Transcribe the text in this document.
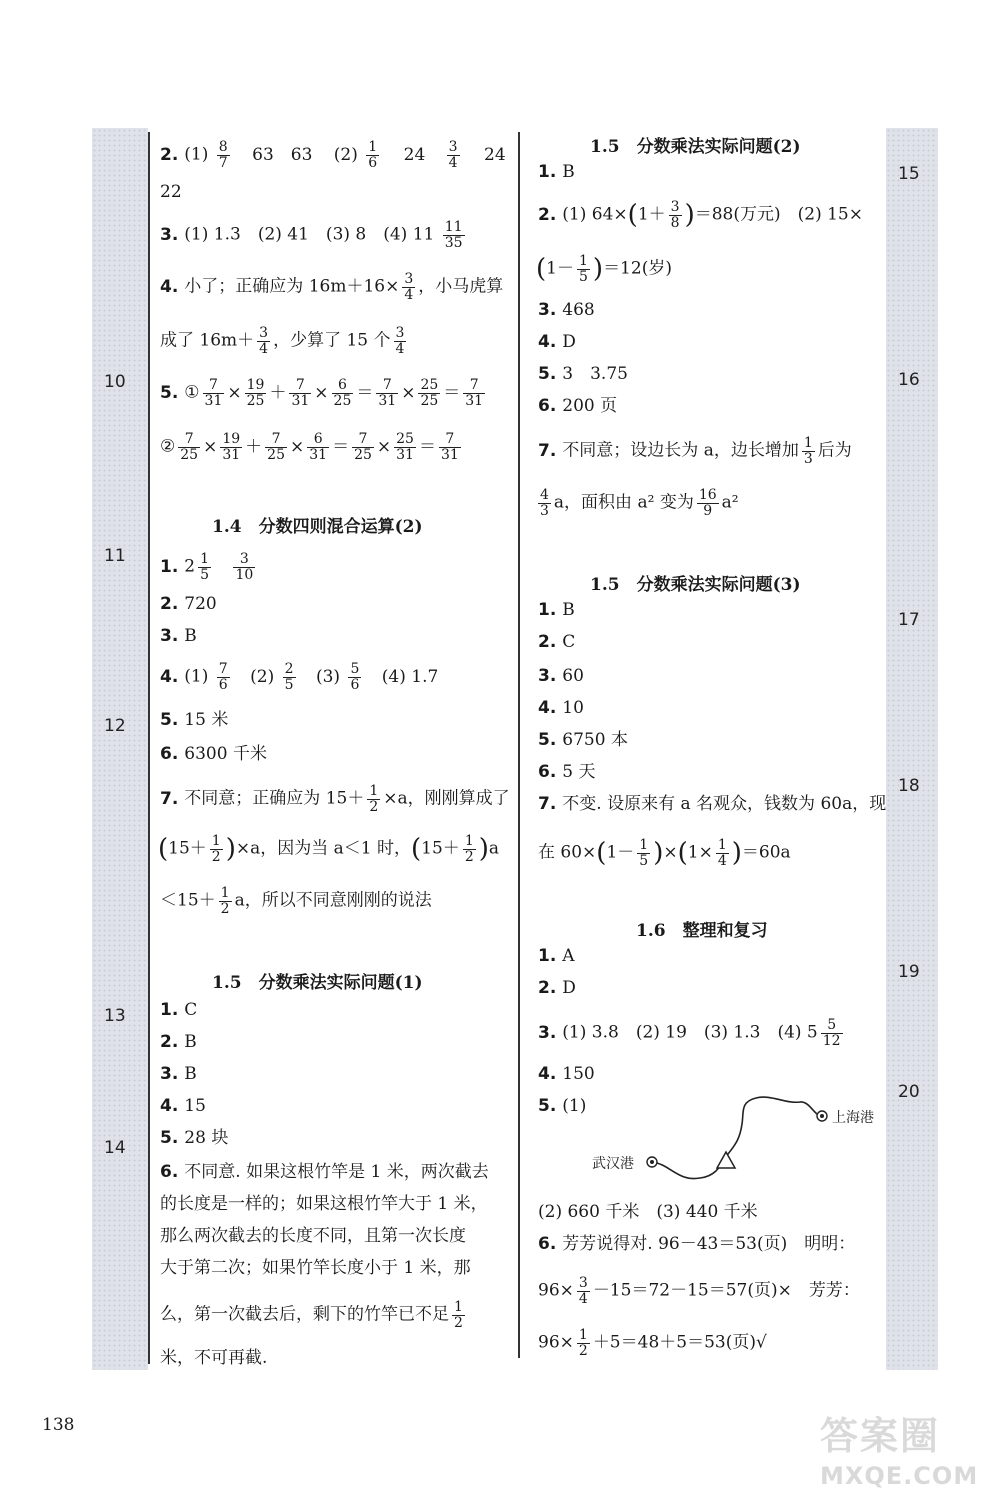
10
11
12
13
14
15
16
17
18
19
20
2. $(1) \frac{8}{7} 63$　63 $(2) \frac{1}{6} 24 \frac{3}{4} 24$
22
3. (1) 1.3　(2) 41　(3) 8　(4) $11 \frac{11}{35}$
4. 小了；正确应为 $16m+16\times \frac{3}{4}$ ，小马虎算
成了 $16m+ \frac{3}{4}$ ，少算了 15 个 $\frac{3}{4}$
5. ① $\frac{7}{31} \times \frac{19}{25} + \frac{7}{31} \times \frac{6}{25} = \frac{7}{31} \times \frac{25}{25} = \frac{7}{31}$
② $\frac{7}{25} \times \frac{19}{31} + \frac{7}{25} \times \frac{6}{31} = \frac{7}{25} \times \frac{25}{31} = \frac{7}{31}$
1.4　分数四则混合运算(2)
1. $2 \frac{1}{5}$
$\frac{3}{10}$
2. 720
3. B
4. $(1) \frac{7}{6} (2) \frac{2}{5} (3) \frac{5}{6} (4)$ 1.7
5. 15 米
6. 6300 千米
7. 不同意；正确应为 $15+ \frac{1}{2} \times a$，刚刚算成了
$(15+ \frac{1}{2} )\times a$，因为当 a＜1 时，$(15+ \frac{1}{2} )a$
$<15+ \frac{1}{2}$ a，所以不同意刚刚的说法
1.5　分数乘法实际问题(1)
1. C
2. B
3. B
4. 15
5. 28 块
6. 不同意. 如果这根竹竿是 1 米，两次截去
的长度是一样的；如果这根竹竿大于 1 米，
那么两次截去的长度不同，且第一次长度
大于第二次；如果竹竿长度小于 1 米，那
么，第一次截去后，剩下的竹竿已不足 $\frac{1}{2}$
米，不可再截.
1.5　分数乘法实际问题(2)
1. B
2. (1) $64\times(1+ \frac{3}{8} )=88$(万元)　(2) 15×
$(1- \frac{1}{5} )=12$(岁)
3. 468
4. D
5. 3　3.75
6. 200 页
7. 不同意；设边长为 a，边长增加 $\frac{1}{3}$ 后为
$\frac{4}{3}$ a，面积由 a² 变为 $\frac{16}{9} a^2$
1.5　分数乘法实际问题(3)
1. B
2. C
3. 60
4. 10
5. 6750 本
6. 5 天
7. 不变. 设原来有 a 名观众，钱数为 60a，现
在 $60\times(1- \frac{1}{5} )\times(1\times \frac{1}{4} )=60a$
1.6　整理和复习
1. A
2. D
3. (1) 3.8　(2) 19　(3) 1.3　(4) $5 \frac{5}{12}$
4. 150
5. (1)
武汉港
上海港
(2) 660 千米　(3) 440 千米
6. 芳芳说得对. 96－43＝53(页)　明明：
$96\times \frac{3}{4} -15=72-15=57$(页)×　芳芳：
$96\times \frac{1}{2} +5=48+5=53$(页)√
138	答案圈
MXQE.COM
